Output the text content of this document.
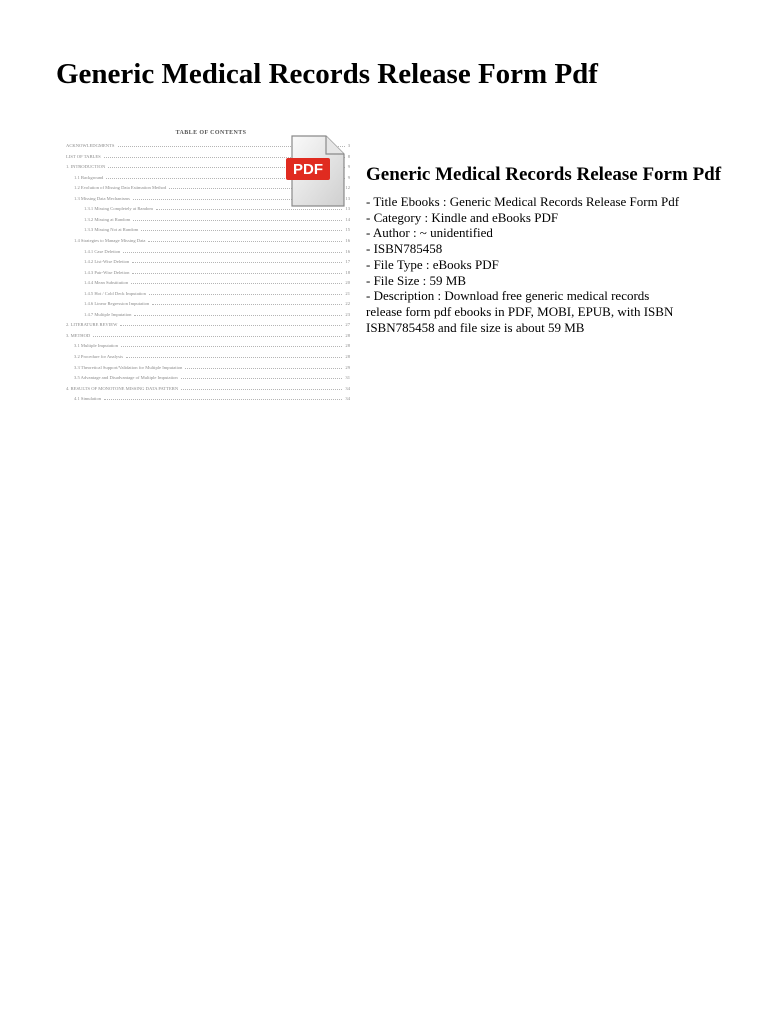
Generic Medical Records Release Form Pdf
TABLE OF CONTENTS
ACKNOWLEDGMENTS	3
LIST OF TABLES	8
1. INTRODUCTION	9
1.1 Background	9
1.2 Evolution of Missing Data Estimation Method	12
1.3 Missing Data Mechanisms	13
1.3.1 Missing Completely at Random	13
1.3.2 Missing at Random	14
1.3.3 Missing Not at Random	15
1.4 Strategies to Manage Missing Data	16
1.4.1 Case Deletion	16
1.4.2 List-Wise Deletion	17
1.4.3 Pair-Wise Deletion	18
1.4.4 Mean Substitution	20
1.4.5 Hot / Cold Deck Imputation	21
1.4.6 Linear Regression Imputation	22
1.4.7 Multiple Imputation	23
2. LITERATURE REVIEW	27
3. METHOD	28
3.1 Multiple Imputation	28
3.2 Procedure for Analysis	28
3.3 Theoretical Support/Validation for Multiple Imputation	29
3.5 Advantage and Disadvantage of Multiple Imputation	31
4. RESULTS OF MONOTONE MISSING DATA PATTERN	34
4.1 Simulation	34
PDF Generic Medical Records Release Form Pdf
- Title Ebooks : Generic Medical Records Release Form Pdf
- Category : Kindle and eBooks PDF
- Author : ~ unidentified
- ISBN785458
- File Type : eBooks PDF
- File Size : 59 MB
- Description : Download free generic medical records
release form pdf ebooks in PDF, MOBI, EPUB, with ISBN
ISBN785458 and file size is about 59 MB
